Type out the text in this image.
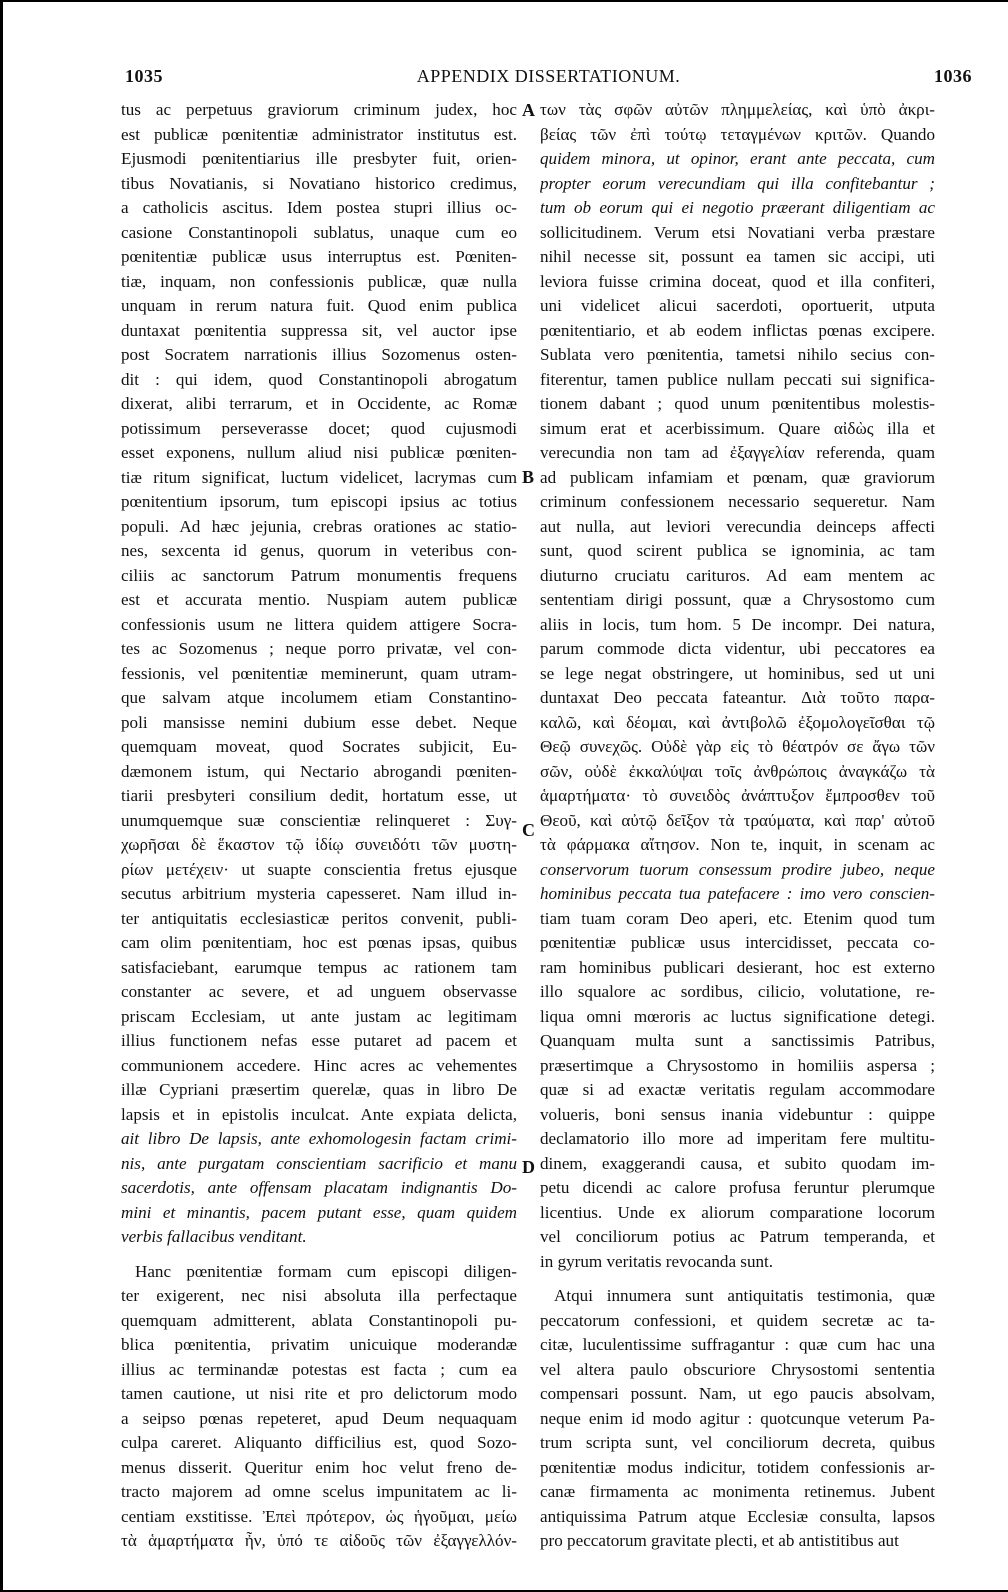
1035	APPENDIX DISSERTATIONUM.	1036
tus ac perpetuus graviorum criminum judex, hoc
est publicæ pœnitentiæ administrator institutus est.
Ejusmodi pœnitentiarius ille presbyter fuit, orien-
tibus Novatianis, si Novatiano historico credimus,
a catholicis ascitus. Idem postea stupri illius oc-
casione Constantinopoli sublatus, unaque cum eo
pœnitentiæ publicæ usus interruptus est. Pœniten-
tiæ, inquam, non confessionis publicæ, quæ nulla
unquam in rerum natura fuit. Quod enim publica
duntaxat pœnitentia suppressa sit, vel auctor ipse
post Socratem narrationis illius Sozomenus osten-
dit : qui idem, quod Constantinopoli abrogatum
dixerat, alibi terrarum, et in Occidente, ac Romæ
potissimum perseverasse docet; quod cujusmodi
esset exponens, nullum aliud nisi publicæ pœniten-
tiæ ritum significat, luctum videlicet, lacrymas cum
pœnitentium ipsorum, tum episcopi ipsius ac totius
populi. Ad hæc jejunia, crebras orationes ac statio-
nes, sexcenta id genus, quorum in veteribus con-
ciliis ac sanctorum Patrum monumentis frequens
est et accurata mentio. Nuspiam autem publicæ
confessionis usum ne littera quidem attigere Socra-
tes ac Sozomenus ; neque porro privatæ, vel con-
fessionis, vel pœnitentiæ meminerunt, quam utram-
que salvam atque incolumem etiam Constantino-
poli mansisse nemini dubium esse debet. Neque
quemquam moveat, quod Socrates subjicit, Eu-
dæmonem istum, qui Nectario abrogandi pœniten-
tiarii presbyteri consilium dedit, hortatum esse, ut
unumquemque suæ conscientiæ relinqueret : Συγ-
χωρῆσαι δὲ ἕκαστον τῷ ἰδίῳ συνειδότι τῶν μυστη-
ρίων μετέχειν· ut suapte conscientia fretus ejusque
secutus arbitrium mysteria capesseret. Nam illud in-
ter antiquitatis ecclesiasticæ peritos convenit, publi-
cam olim pœnitentiam, hoc est pœnas ipsas, quibus
satisfaciebant, earumque tempus ac rationem tam
constanter ac severe, et ad unguem observasse
priscam Ecclesiam, ut ante justam ac legitimam
illius functionem nefas esse putaret ad pacem et
communionem accedere. Hinc acres ac vehementes
illæ Cypriani præsertim querelæ, quas in libro De
lapsis et in epistolis inculcat. Ante expiata delicta,
ait libro De lapsis, ante exhomologesin factam crimi-
nis, ante purgatam conscientiam sacrificio et manu
sacerdotis, ante offensam placatam indignantis Do-
mini et minantis, pacem putant esse, quam quidem
verbis fallacibus venditant.
Hanc pœnitentiæ formam cum episcopi diligen-
ter exigerent, nec nisi absoluta illa perfectaque
quemquam admitterent, ablata Constantinopoli pu-
blica pœnitentia, privatim unicuique moderandæ
illius ac terminandæ potestas est facta ; cum ea
tamen cautione, ut nisi rite et pro delictorum modo
a seipso pœnas repeteret, apud Deum nequaquam
culpa careret. Aliquanto difficilius est, quod Sozo-
menus disserit. Queritur enim hoc velut freno de-
tracto majorem ad omne scelus impunitatem ac li-
centiam exstitisse. Ἐπεὶ πρότερον, ὡς ἡγοῦμαι, μείω
τὰ ἁμαρτήματα ἦν, ὑπό τε αἰδοῦς τῶν ἐξαγγελλόν-
των τὰς σφῶν αὐτῶν πλημμελείας, καὶ ὑπὸ ἀκρι-
βείας τῶν ἐπὶ τούτῳ τεταγμένων κριτῶν. Quando
quidem minora, ut opinor, erant ante peccata, cum
propter eorum verecundiam qui illa confitebantur ;
tum ob eorum qui ei negotio præerant diligentiam ac
sollicitudinem. Verum etsi Novatiani verba præstare
nihil necesse sit, possunt ea tamen sic accipi, uti
leviora fuisse crimina doceat, quod et illa confiteri,
uni videlicet alicui sacerdoti, oportuerit, utputa
pœnitentiario, et ab eodem inflictas pœnas excipere.
Sublata vero pœnitentia, tametsi nihilo secius con-
fiterentur, tamen publice nullam peccati sui significa-
tionem dabant ; quod unum pœnitentibus molestis-
simum erat et acerbissimum. Quare αἰδὼς illa et
verecundia non tam ad ἐξαγγελίαν referenda, quam
ad publicam infamiam et pœnam, quæ graviorum
criminum confessionem necessario sequeretur. Nam
aut nulla, aut leviori verecundia deinceps affecti
sunt, quod scirent publica se ignominia, ac tam
diuturno cruciatu carituros. Ad eam mentem ac
sententiam dirigi possunt, quæ a Chrysostomo cum
aliis in locis, tum hom. 5 De incompr. Dei natura,
parum commode dicta videntur, ubi peccatores ea
se lege negat obstringere, ut hominibus, sed ut uni
duntaxat Deo peccata fateantur. Διὰ τοῦτο παρα-
καλῶ, καὶ δέομαι, καὶ ἀντιβολῶ ἐξομολογεῖσθαι τῷ
Θεῷ συνεχῶς. Οὐδὲ γὰρ εἰς τὸ θέατρόν σε ἄγω τῶν
σῶν, οὐδὲ ἐκκαλύψαι τοῖς ἀνθρώποις ἀναγκάζω τὰ
ἁμαρτήματα· τὸ συνειδὸς ἀνάπτυξον ἔμπροσθεν τοῦ
Θεοῦ, καὶ αὐτῷ δεῖξον τὰ τραύματα, καὶ παρ' αὐτοῦ
τὰ φάρμακα αἴτησον. Non te, inquit, in scenam ac
conservorum tuorum consessum prodire jubeo, neque
hominibus peccata tua patefacere : imo vero conscien-
tiam tuam coram Deo aperi, etc. Etenim quod tum
pœnitentiæ publicæ usus intercidisset, peccata co-
ram hominibus publicari desierant, hoc est externo
illo squalore ac sordibus, cilicio, volutatione, re-
liqua omni mœroris ac luctus significatione detegi.
Quanquam multa sunt a sanctissimis Patribus,
præsertimque a Chrysostomo in homiliis aspersa ;
quæ si ad exactæ veritatis regulam accommodare
volueris, boni sensus inania videbuntur : quippe
declamatorio illo more ad imperitam fere multitu-
dinem, exaggerandi causa, et subito quodam im-
petu dicendi ac calore profusa feruntur plerumque
licentius. Unde ex aliorum comparatione locorum
vel conciliorum potius ac Patrum temperanda, et
in gyrum veritatis revocanda sunt.
Atqui innumera sunt antiquitatis testimonia, quæ
peccatorum confessioni, et quidem secretæ ac ta-
citæ, luculentissime suffragantur : quæ cum hac una
vel altera paulo obscuriore Chrysostomi sententia
compensari possunt. Nam, ut ego paucis absolvam,
neque enim id modo agitur : quotcunque veterum Pa-
trum scripta sunt, vel conciliorum decreta, quibus
pœnitentiæ modus indicitur, totidem confessionis ar-
canæ firmamenta ac monimenta retinemus. Jubent
antiquissima Patrum atque Ecclesiæ consulta, lapsos
pro peccatorum gravitate plecti, et ab antistitibus aut
A
B
C
D
